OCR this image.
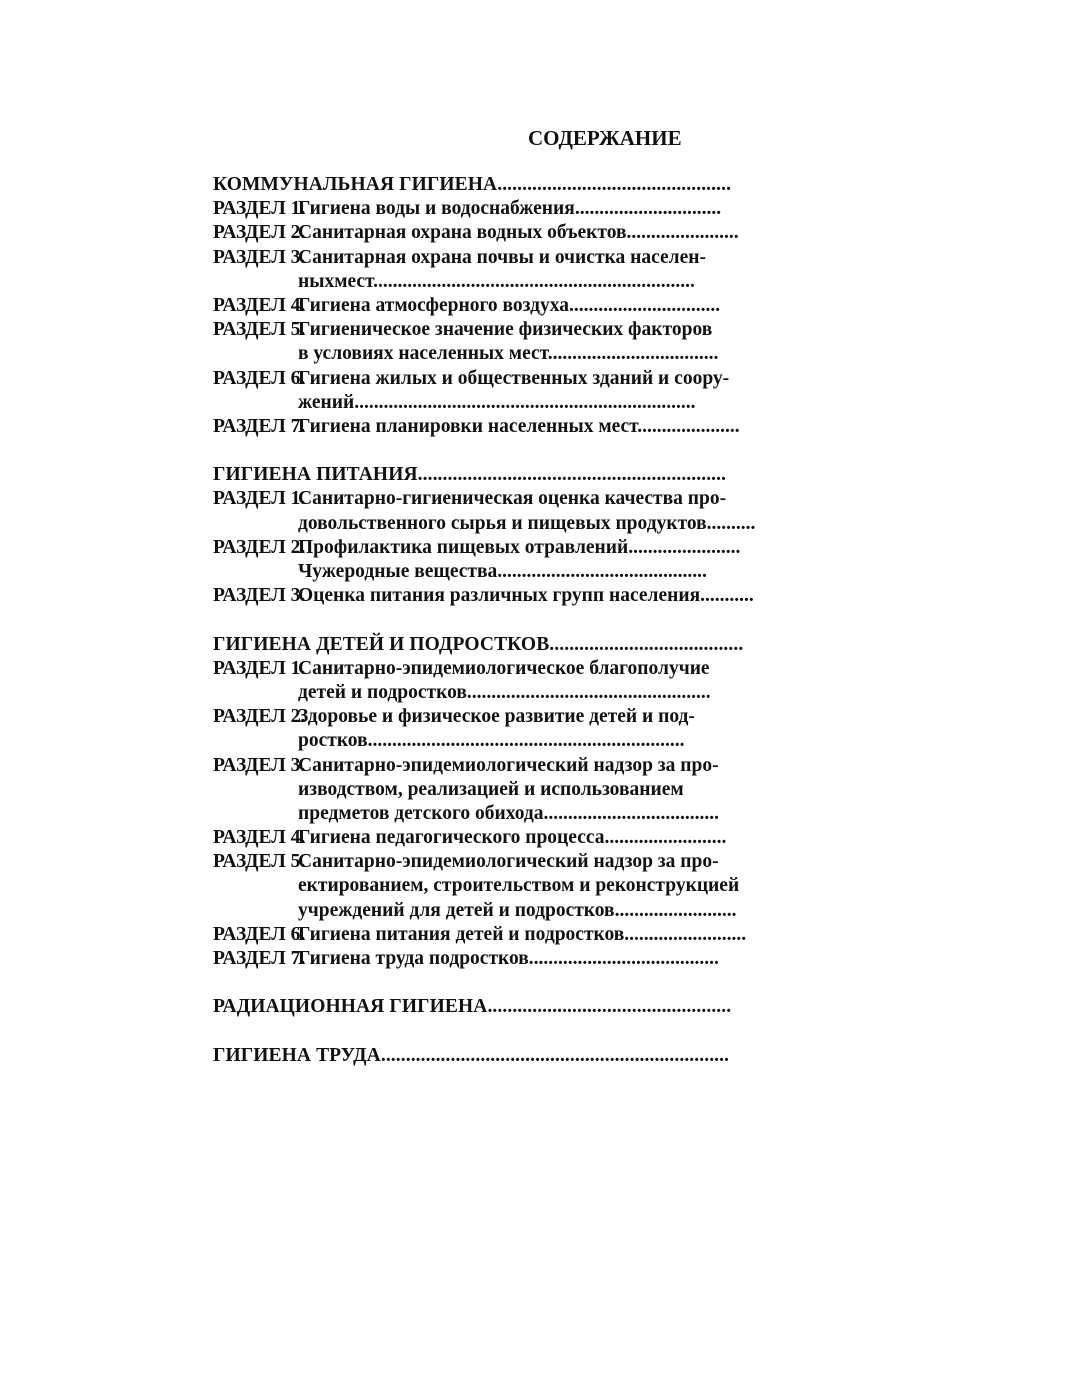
СОДЕРЖАНИЕ
КОММУНАЛЬНАЯ ГИГИЕНА...............................................
РАЗДЕЛ 1.Гигиена воды и водоснабжения..............................
РАЗДЕЛ 2.Санитарная охрана водных объектов.......................
РАЗДЕЛ 3.Санитарная охрана почвы и очистка населен-
ныхмест..................................................................
РАЗДЕЛ 4.Гигиена атмосферного воздуха...............................
РАЗДЕЛ 5.Гигиеническое значение физических факторов
в условиях населенных мест...................................
РАЗДЕЛ 6.Гигиена жилых и общественных зданий и соору-
жений......................................................................
РАЗДЕЛ 7.Гигиена планировки населенных мест.....................
ГИГИЕНА ПИТАНИЯ..............................................................
РАЗДЕЛ 1.Санитарно-гигиеническая оценка качества про-
довольственного сырья и пищевых продуктов..........
РАЗДЕЛ 2.Профилактика пищевых отравлений.......................
Чужеродные вещества...........................................
РАЗДЕЛ 3.Оценка питания различных групп населения...........
ГИГИЕНА ДЕТЕЙ И ПОДРОСТКОВ.......................................
РАЗДЕЛ 1.Санитарно-эпидемиологическое благополучие
детей и подростков..................................................
РАЗДЕЛ 2.Здоровье и физическое развитие детей и под-
ростков.................................................................
РАЗДЕЛ 3.Санитарно-эпидемиологический надзор за про-
изводством, реализацией и использованием
предметов детского обихода....................................
РАЗДЕЛ 4.Гигиена педагогического процесса.........................
РАЗДЕЛ 5.Санитарно-эпидемиологический надзор за про-
ектированием, строительством и реконструкцией
учреждений для детей и подростков.........................
РАЗДЕЛ 6.Гигиена питания детей и подростков.........................
РАЗДЕЛ 7.Гигиена труда подростков.......................................
РАДИАЦИОННАЯ ГИГИЕНА.................................................
ГИГИЕНА ТРУДА......................................................................
